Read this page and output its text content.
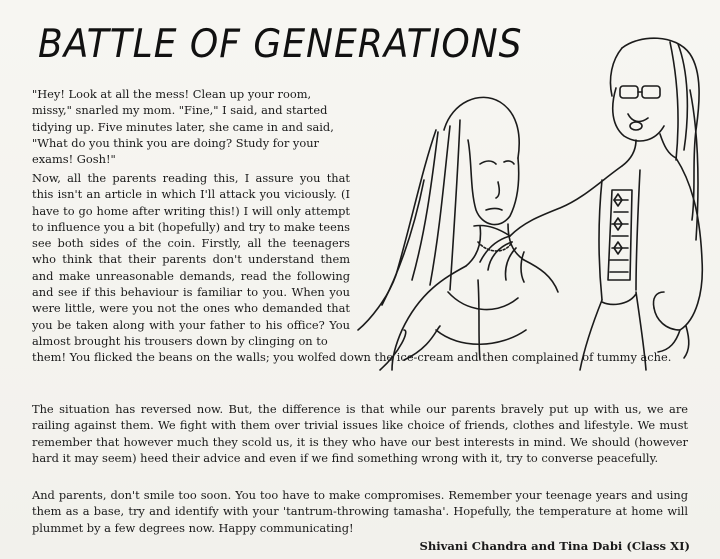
BATTLE OF GENERATIONS

"Hey! Look at all the mess! Clean up your room, missy," snarled my mom. "Fine," I said, and started tidying up. Five minutes later, she came in and said, "What do you think you are doing? Study for your exams! Gosh!"

Now, all the parents reading this, I assure you that this isn't an article in which I'll attack you viciously. (I have to go home after writing this!) I will only attempt to influence you a bit (hopefully) and try to make teens see both sides of the coin. Firstly, all the teenagers who think that their parents don't understand them and make unreasonable demands, read the following and see if this behaviour is familiar to you. When you were little, were you not the ones who demanded that you be taken along with your father to his office? You almost brought his trousers down by clinging on to
them! You flicked the beans on the walls; you wolfed down the ice-cream and then complained of tummy ache.

The situation has reversed now. But, the difference is that while our parents bravely put up with us, we are railing against them. We fight with them over trivial issues like choice of friends, clothes and lifestyle. We must remember that however much they scold us, it is they who have our best interests in mind. We should (however hard it may seem) heed their advice and even if we find something wrong with it, try to converse peacefully.

And parents, don't smile too soon. You too have to make compromises. Remember your teenage years and using them as a base, try and identify with your 'tantrum-throwing tamasha'. Hopefully, the temperature at home will plummet by a few degrees now. Happy communicating!

Shivani Chandra and Tina Dabi (Class XI)
